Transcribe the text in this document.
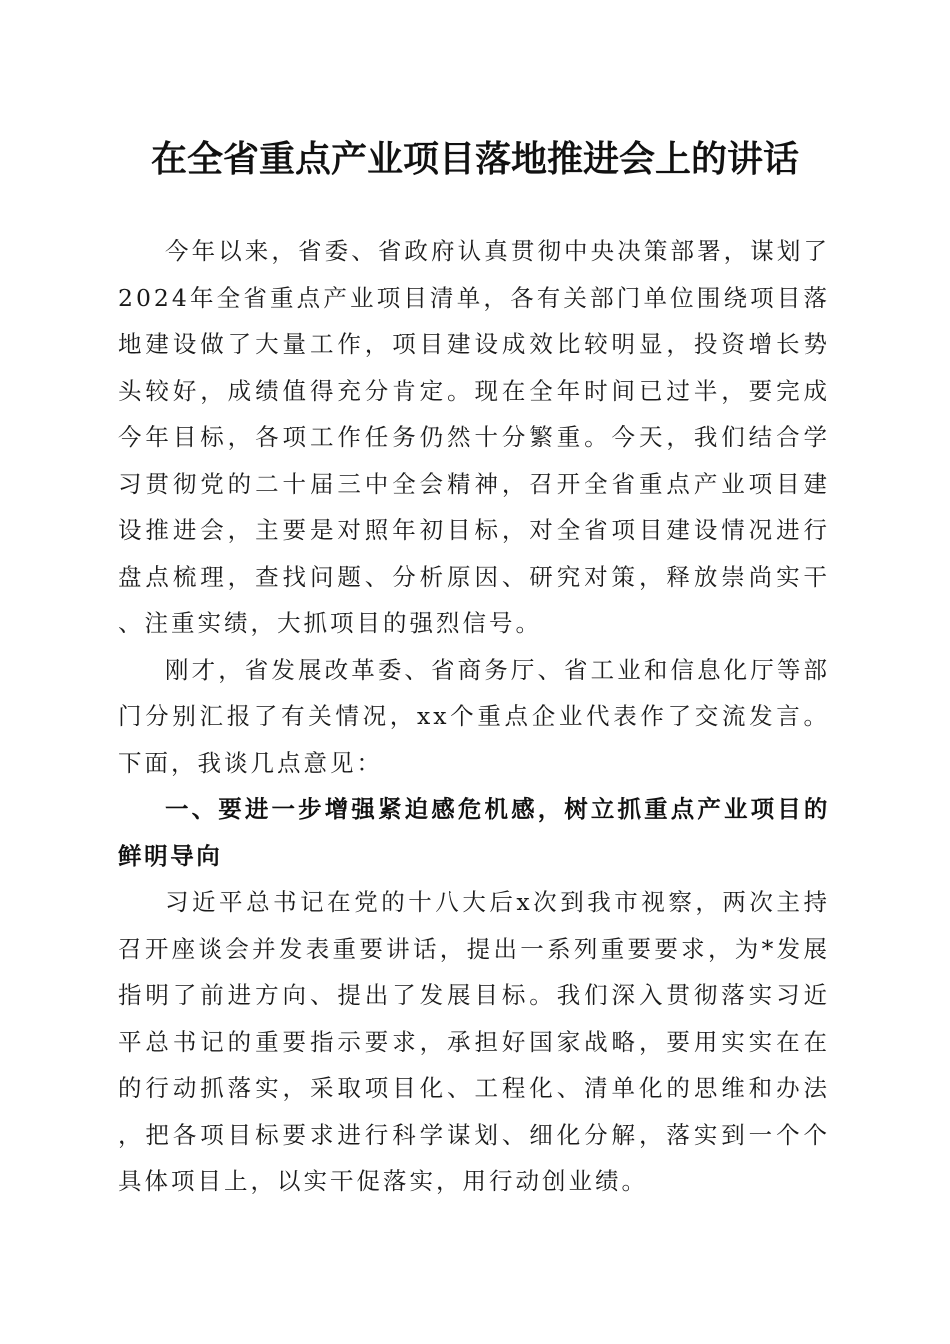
在全省重点产业项目落地推进会上的讲话

今年以来，省委、省政府认真贯彻中央决策部署，谋划了2024年全省重点产业项目清单，各有关部门单位围绕项目落地建设做了大量工作，项目建设成效比较明显，投资增长势头较好，成绩值得充分肯定。现在全年时间已过半，要完成今年目标，各项工作任务仍然十分繁重。今天，我们结合学习贯彻党的二十届三中全会精神，召开全省重点产业项目建设推进会，主要是对照年初目标，对全省项目建设情况进行盘点梳理，查找问题、分析原因、研究对策，释放崇尚实干、注重实绩，大抓项目的强烈信号。

刚才，省发展改革委、省商务厅、省工业和信息化厅等部门分别汇报了有关情况，xx个重点企业代表作了交流发言。下面，我谈几点意见：

一、要进一步增强紧迫感危机感，树立抓重点产业项目的鲜明导向

习近平总书记在党的十八大后x次到我市视察，两次主持召开座谈会并发表重要讲话，提出一系列重要要求，为*发展指明了前进方向、提出了发展目标。我们深入贯彻落实习近平总书记的重要指示要求，承担好国家战略，要用实实在在的行动抓落实，采取项目化、工程化、清单化的思维和办法，把各项目标要求进行科学谋划、细化分解，落实到一个个具体项目上，以实干促落实，用行动创业绩。
